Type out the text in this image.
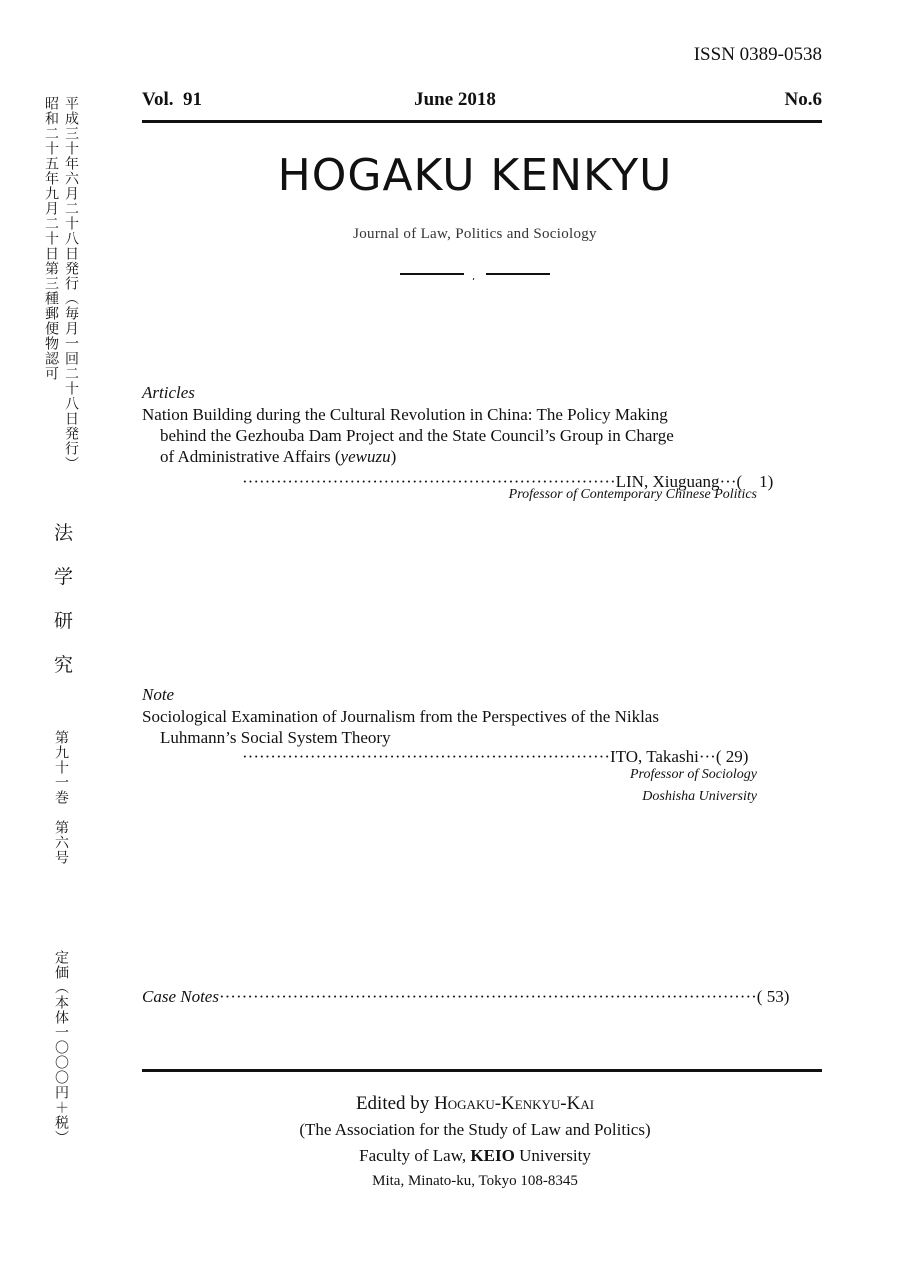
ISSN 0389-0538
Vol.  91	June 2018	No.6
HOGAKU KENKYU
Journal of Law, Politics and Sociology
,
平成三十年六月二十八日発行（毎月一回二十八日発行）
昭和二十五年九月二十日第三種郵便物認可
法
学
研
究
第九十一巻　第六号
定価（本体一〇〇〇円＋税）
Articles
Nation Building during the Cultural Revolution in China: The Policy Making
behind the Gezhouba Dam Project and the State Council’s Group in Charge
of Administrative Affairs (yewuzu)
··································································LIN, Xiuguang···(　1)
Professor of Contemporary Chinese Politics
Note
Sociological Examination of Journalism from the Perspectives of the Niklas
Luhmann’s Social System Theory
·································································ITO, Takashi···( 29)
Professor of Sociology
Doshisha University
Case Notes·······························································································( 53)
Edited by Hogaku-Kenkyu-Kai
(The Association for the Study of Law and Politics)
Faculty of Law, KEIO University
Mita, Minato-ku, Tokyo 108-8345
